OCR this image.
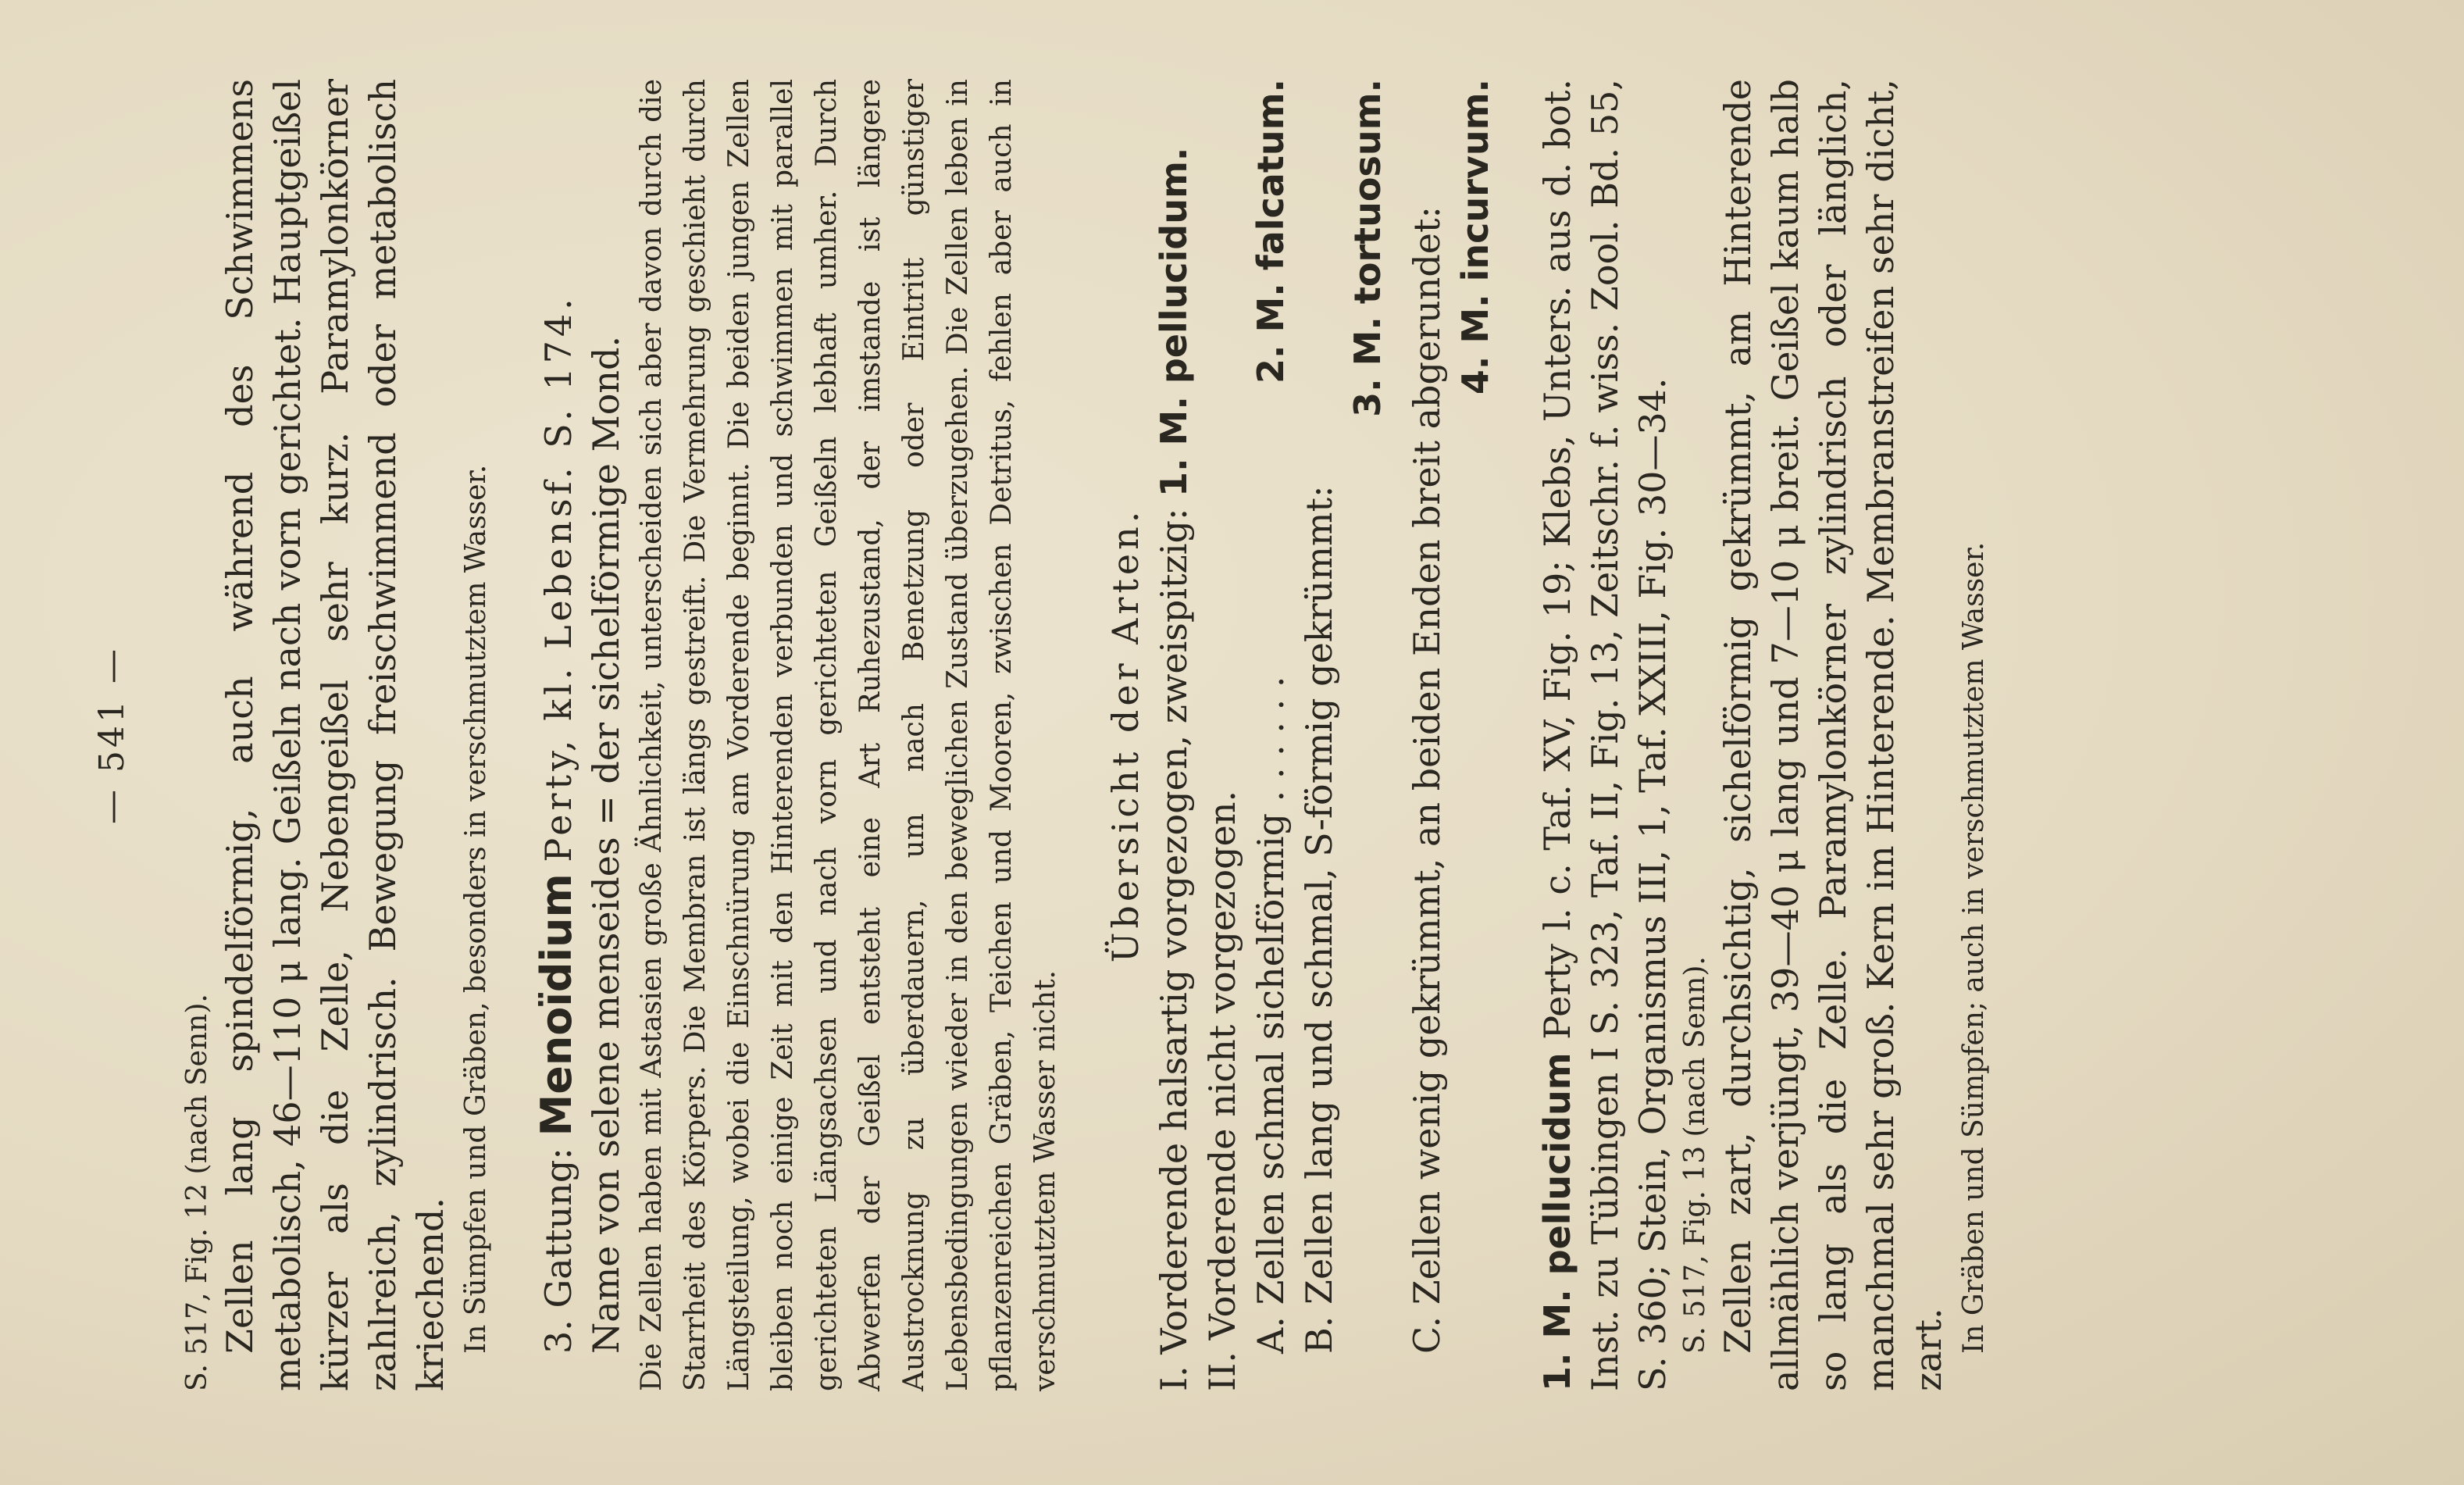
— 541 —

S. 517, Fig. 12 (nach Senn). Zellen lang spindelförmig, auch während des Schwimmens metabolisch, 46—110 μ lang. Geißeln nach vorn gerichtet. Hauptgeißel kürzer als die Zelle, Nebengeißel sehr kurz. Paramylonkörner zahlreich, zylindrisch. Bewegung freischwimmend oder metabolisch kriechend. In Sümpfen und Gräben, besonders in verschmutztem Wasser. 3. Gattung: Menoïdium Perty, kl. Lebensf. S. 174. Name von selene menseides = der sichelförmige Mond. Die Zellen haben mit Astasien große Ähnlichkeit, unterscheiden sich aber davon durch die Starrheit des Körpers. Die Membran ist längs gestreift. Die Vermehrung geschieht durch Längsteilung, wobei die Einschnürung am Vorderende beginnt. Die beiden jungen Zellen bleiben noch einige Zeit mit den Hinterenden verbunden und schwimmen mit parallel gerichteten Längsachsen und nach vorn gerichteten Geißeln lebhaft umher. Durch Abwerfen der Geißel entsteht eine Art Ruhezustand, der imstande ist längere Austrocknung zu überdauern, um nach Benetzung oder Eintritt günstiger Lebensbedingungen wieder in den beweglichen Zustand überzugehen. Die Zellen leben in pflanzenreichen Gräben, Teichen und Mooren, zwischen Detritus, fehlen aber auch in verschmutztem Wasser nicht.

Übersicht der Arten. I. Vorderende halsartig vorgezogen, zweispitzig: 1. M. pellucidum.
II. Vorderende nicht vorgezogen. A. Zellen schmal sichelförmig . . . . . .
2. M. falcatum.
B. Zellen lang und schmal, S-förmig gekrümmt:
3. M. tortuosum. C. Zellen wenig gekrümmt, an beiden Enden breit abgerundet: 4. M. incurvum.

1. M. pellucidum Perty l. c. Taf. XV, Fig. 19; Klebs, Unters. aus d. bot. Inst. zu Tübingen I S. 323, Taf. II, Fig. 13, Zeitschr. f. wiss. Zool. Bd. 55, S. 360; Stein, Organismus III, 1, Taf. XXIII, Fig. 30—34. S. 517, Fig. 13 (nach Senn). Zellen zart, durchsichtig, sichelförmig gekrümmt, am Hinterende allmählich verjüngt, 39—40 μ lang und 7—10 μ breit. Geißel kaum halb so lang als die Zelle. Paramylonkörner zylindrisch oder länglich, manchmal sehr groß. Kern im Hinterende. Membranstreifen sehr dicht, zart. In Gräben und Sümpfen; auch in verschmutztem Wasser.
